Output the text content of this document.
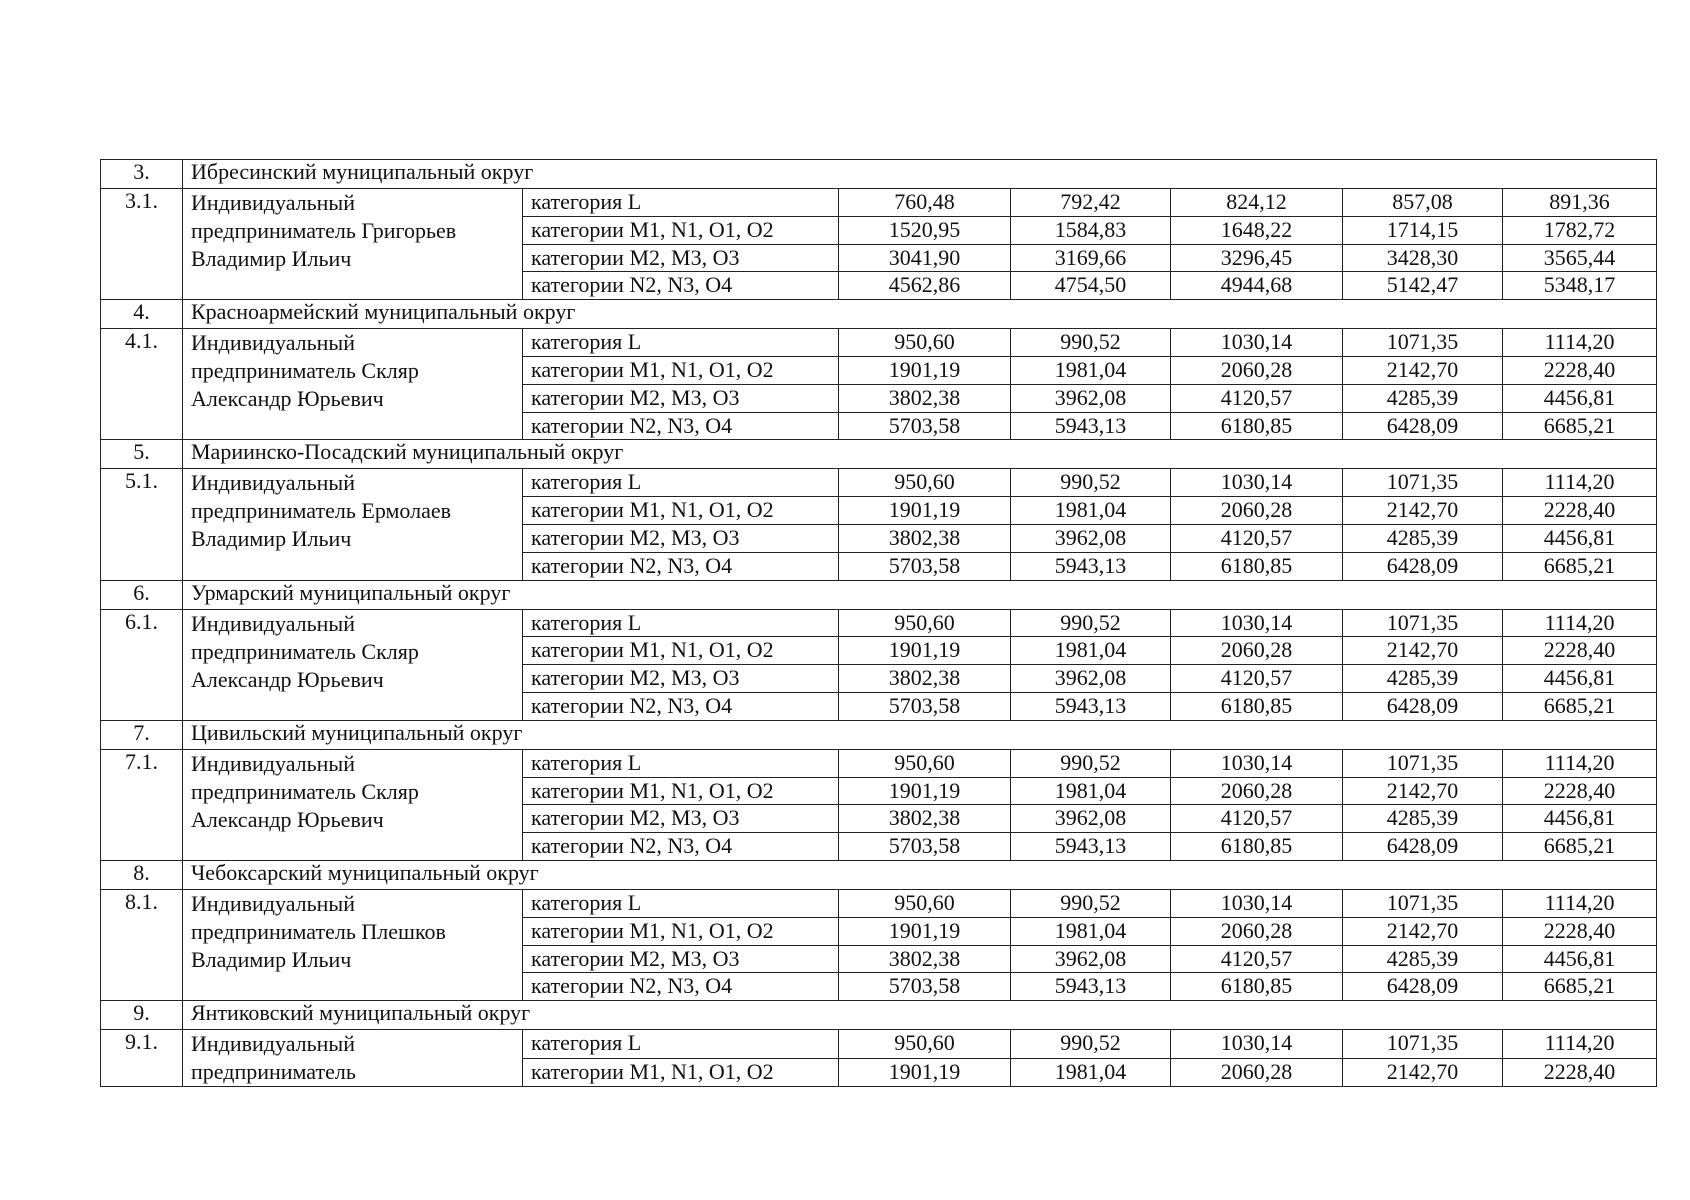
3.	Ибресинский муниципальный округ						
3.1.	Индивидуальный предприниматель Григорьев Владимир Ильич	категория L	760,48	792,42	824,12	857,08	891,36
		категории M1, N1, O1, O2	1520,95	1584,83	1648,22	1714,15	1782,72
		категории M2, M3, O3	3041,90	3169,66	3296,45	3428,30	3565,44
		категории N2, N3, O4	4562,86	4754,50	4944,68	5142,47	5348,17
4.	Красноармейский муниципальный округ						
4.1.	Индивидуальный предприниматель Скляр Александр Юрьевич	категория L	950,60	990,52	1030,14	1071,35	1114,20
		категории M1, N1, O1, O2	1901,19	1981,04	2060,28	2142,70	2228,40
		категории M2, M3, O3	3802,38	3962,08	4120,57	4285,39	4456,81
		категории N2, N3, O4	5703,58	5943,13	6180,85	6428,09	6685,21
5.	Мариинско-Посадский муниципальный округ						
5.1.	Индивидуальный предприниматель Ермолаев Владимир Ильич	категория L	950,60	990,52	1030,14	1071,35	1114,20
		категории M1, N1, O1, O2	1901,19	1981,04	2060,28	2142,70	2228,40
		категории M2, M3, O3	3802,38	3962,08	4120,57	4285,39	4456,81
		категории N2, N3, O4	5703,58	5943,13	6180,85	6428,09	6685,21
6.	Урмарский муниципальный округ						
6.1.	Индивидуальный предприниматель Скляр Александр Юрьевич	категория L	950,60	990,52	1030,14	1071,35	1114,20
		категории M1, N1, O1, O2	1901,19	1981,04	2060,28	2142,70	2228,40
		категории M2, M3, O3	3802,38	3962,08	4120,57	4285,39	4456,81
		категории N2, N3, O4	5703,58	5943,13	6180,85	6428,09	6685,21
7.	Цивильский муниципальный округ						
7.1.	Индивидуальный предприниматель Скляр Александр Юрьевич	категория L	950,60	990,52	1030,14	1071,35	1114,20
		категории M1, N1, O1, O2	1901,19	1981,04	2060,28	2142,70	2228,40
		категории M2, M3, O3	3802,38	3962,08	4120,57	4285,39	4456,81
		категории N2, N3, O4	5703,58	5943,13	6180,85	6428,09	6685,21
8.	Чебоксарский муниципальный округ						
8.1.	Индивидуальный предприниматель Плешков Владимир Ильич	категория L	950,60	990,52	1030,14	1071,35	1114,20
		категории M1, N1, O1, O2	1901,19	1981,04	2060,28	2142,70	2228,40
		категории M2, M3, O3	3802,38	3962,08	4120,57	4285,39	4456,81
		категории N2, N3, O4	5703,58	5943,13	6180,85	6428,09	6685,21
9.	Янтиковский муниципальный округ						
9.1.	Индивидуальный предприниматель	категория L	950,60	990,52	1030,14	1071,35	1114,20
		категории M1, N1, O1, O2	1901,19	1981,04	2060,28	2142,70	2228,40
